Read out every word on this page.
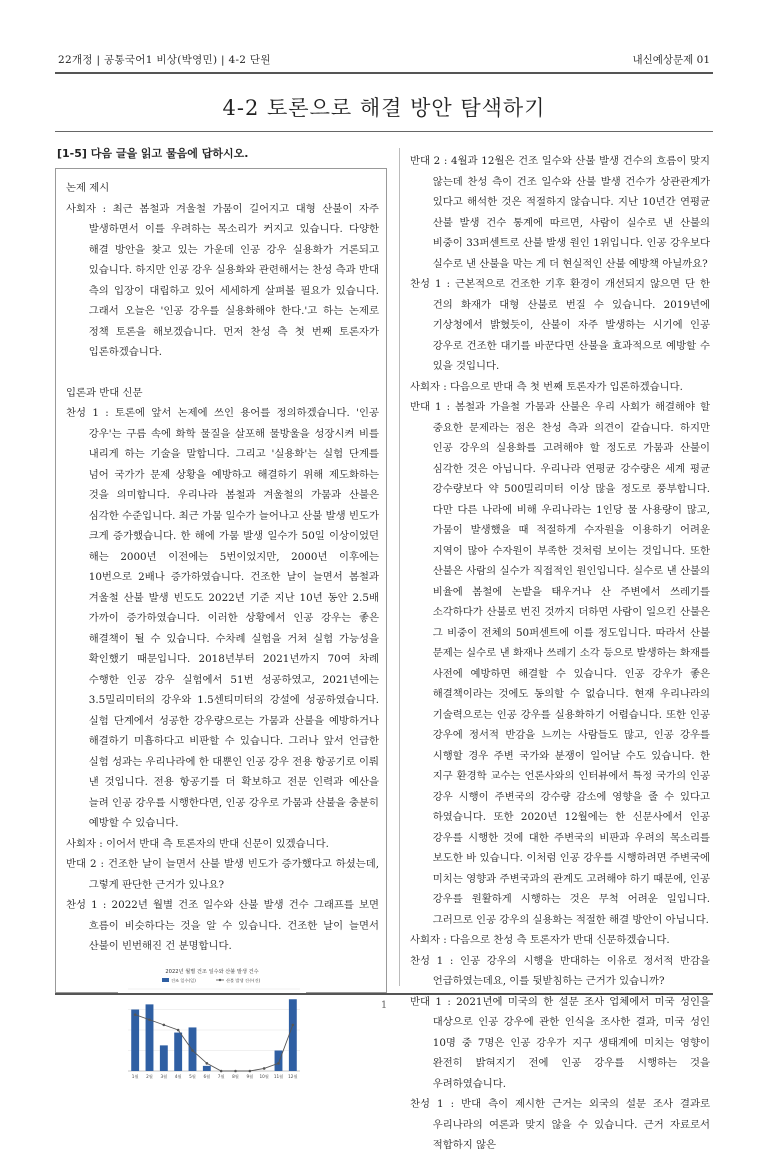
22개정 | 공통국어1 비상(박영민) | 4-2 단원	내신예상문제 01
4-2 토론으로 해결 방안 탐색하기
[1-5] 다음 글을 읽고 물음에 답하시오.
논제 제시
사회자 : 최근 봄철과 겨울철 가뭄이 길어지고 대형 산불이 자주 발생하면서 이를 우려하는 목소리가 커지고 있습니다. 다양한 해결 방안을 찾고 있는 가운데 인공 강우 실용화가 거론되고 있습니다. 하지만 인공 강우 실용화와 관련해서는 찬성 측과 반대 측의 입장이 대립하고 있어 세세하게 살펴볼 필요가 있습니다. 그래서 오늘은 '인공 강우를 실용화해야 한다.'고 하는 논제로 정책 토론을 해보겠습니다. 먼저 찬성 측 첫 번째 토론자가 입론하겠습니다.
입론과 반대 신문
찬성 1 : 토론에 앞서 논제에 쓰인 용어를 정의하겠습니다. '인공 강우'는 구름 속에 화학 물질을 살포해 물방울을 성장시켜 비를 내리게 하는 기술을 말합니다. 그리고 '실용화'는 실험 단계를 넘어 국가가 문제 상황을 예방하고 해결하기 위해 제도화하는 것을 의미합니다. 우리나라 봄철과 겨울철의 가뭄과 산불은 심각한 수준입니다. 최근 가뭄 일수가 늘어나고 산불 발생 빈도가 크게 증가했습니다. 한 해에 가뭄 발생 일수가 50일 이상이었던 해는 2000년 이전에는 5번이었지만, 2000년 이후에는 10번으로 2배나 증가하였습니다. 건조한 날이 늘면서 봄철과 겨울철 산불 발생 빈도도 2022년 기준 지난 10년 동안 2.5배 가까이 증가하였습니다. 이러한 상황에서 인공 강우는 좋은 해결책이 될 수 있습니다. 수차례 실험을 거쳐 실험 가능성을 확인했기 때문입니다. 2018년부터 2021년까지 70여 차례 수행한 인공 강우 실험에서 51번 성공하였고, 2021년에는 3.5밀리미터의 강우와 1.5센티미터의 강설에 성공하였습니다. 실험 단계에서 성공한 강우량으로는 가뭄과 산불을 예방하거나 해결하기 미흡하다고 비판할 수 있습니다. 그러나 앞서 언급한 실험 성과는 우리나라에 한 대뿐인 인공 강우 전용 항공기로 이뤄 낸 것입니다. 전용 항공기를 더 확보하고 전문 인력과 예산을 늘려 인공 강우를 시행한다면, 인공 강우로 가뭄과 산불을 충분히 예방할 수 있습니다.
사회자 : 이어서 반대 측 토론자의 반대 신문이 있겠습니다.
반대 2 : 건조한 날이 늘면서 산불 발생 빈도가 증가했다고 하셨는데, 그렇게 판단한 근거가 있나요?
찬성 1 : 2022년 월별 건조 일수와 산불 발생 건수 그래프를 보면 흐름이 비슷하다는 것을 알 수 있습니다. 건조한 날이 늘면서 산불이 빈번해진 건 분명합니다.
2022년 월별 건조 일수와 산불 발생 건수
건조 일수(일)	산불 발생 건수(건)
1월 2월 3월 4월 5월 6월 7월 8월 9월 10월 11월 12월
반대 2 : 4월과 12월은 건조 일수와 산불 발생 건수의 흐름이 맞지 않는데 찬성 측이 건조 일수와 산불 발생 건수가 상관관계가 있다고 해석한 것은 적절하지 않습니다. 지난 10년간 연평균 산불 발생 건수 통계에 따르면, 사람이 실수로 낸 산불의 비중이 33퍼센트로 산불 발생 원인 1위입니다. 인공 강우보다 실수로 낸 산불을 막는 게 더 현실적인 산불 예방책 아닐까요?
찬성 1 : 근본적으로 건조한 기후 환경이 개선되지 않으면 단 한 건의 화재가 대형 산불로 번질 수 있습니다. 2019년에 기상청에서 밝혔듯이, 산불이 자주 발생하는 시기에 인공 강우로 건조한 대기를 바꾼다면 산불을 효과적으로 예방할 수 있을 것입니다.
사회자 : 다음으로 반대 측 첫 번째 토론자가 입론하겠습니다.
반대 1 : 봄철과 가을철 가뭄과 산불은 우리 사회가 해결해야 할 중요한 문제라는 점은 찬성 측과 의견이 같습니다. 하지만 인공 강우의 실용화를 고려해야 할 정도로 가뭄과 산불이 심각한 것은 아닙니다. 우리나라 연평균 강수량은 세계 평균 강수량보다 약 500밀리미터 이상 많을 정도로 풍부합니다. 다만 다른 나라에 비해 우리나라는 1인당 물 사용량이 많고, 가뭄이 발생했을 때 적절하게 수자원을 이용하기 어려운 지역이 많아 수자원이 부족한 것처럼 보이는 것입니다. 또한 산불은 사람의 실수가 직접적인 원인입니다. 실수로 낸 산불의 비율에 봄철에 논밭을 태우거나 산 주변에서 쓰레기를 소각하다가 산불로 번진 것까지 더하면 사람이 일으킨 산불은 그 비중이 전체의 50퍼센트에 이를 정도입니다. 따라서 산불 문제는 실수로 낸 화재나 쓰레기 소각 등으로 발생하는 화재를 사전에 예방하면 해결할 수 있습니다. 인공 강우가 좋은 해결책이라는 것에도 동의할 수 없습니다. 현재 우리나라의 기술력으로는 인공 강우를 실용화하기 어렵습니다. 또한 인공 강우에 정서적 반감을 느끼는 사람들도 많고, 인공 강우를 시행할 경우 주변 국가와 분쟁이 일어날 수도 있습니다. 한 지구 환경학 교수는 언론사와의 인터뷰에서 특정 국가의 인공 강우 시행이 주변국의 강수량 감소에 영향을 줄 수 있다고 하였습니다. 또한 2020년 12월에는 한 신문사에서 인공 강우를 시행한 것에 대한 주변국의 비판과 우려의 목소리를 보도한 바 있습니다. 이처럼 인공 강우를 시행하려면 주변국에 미치는 영향과 주변국과의 관계도 고려해야 하기 때문에, 인공 강우를 원활하게 시행하는 것은 무척 어려운 일입니다. 그러므로 인공 강우의 실용화는 적절한 해결 방안이 아닙니다.
사회자 : 다음으로 찬성 측 토론자가 반대 신문하겠습니다.
찬성 1 : 인공 강우의 시행을 반대하는 이유로 정서적 반감을 언급하였는데요, 이를 뒷받침하는 근거가 있습니까?
반대 1 : 2021년에 미국의 한 설문 조사 업체에서 미국 성인을 대상으로 인공 강우에 관한 인식을 조사한 결과, 미국 성인 10명 중 7명은 인공 강우가 지구 생태계에 미치는 영향이 완전히 밝혀지기 전에 인공 강우를 시행하는 것을 우려하였습니다.
찬성 1 : 반대 측이 제시한 근거는 외국의 설문 조사 결과로 우리나라의 여론과 맞지 않을 수 있습니다. 근거 자료로서 적합하지 않은
1
